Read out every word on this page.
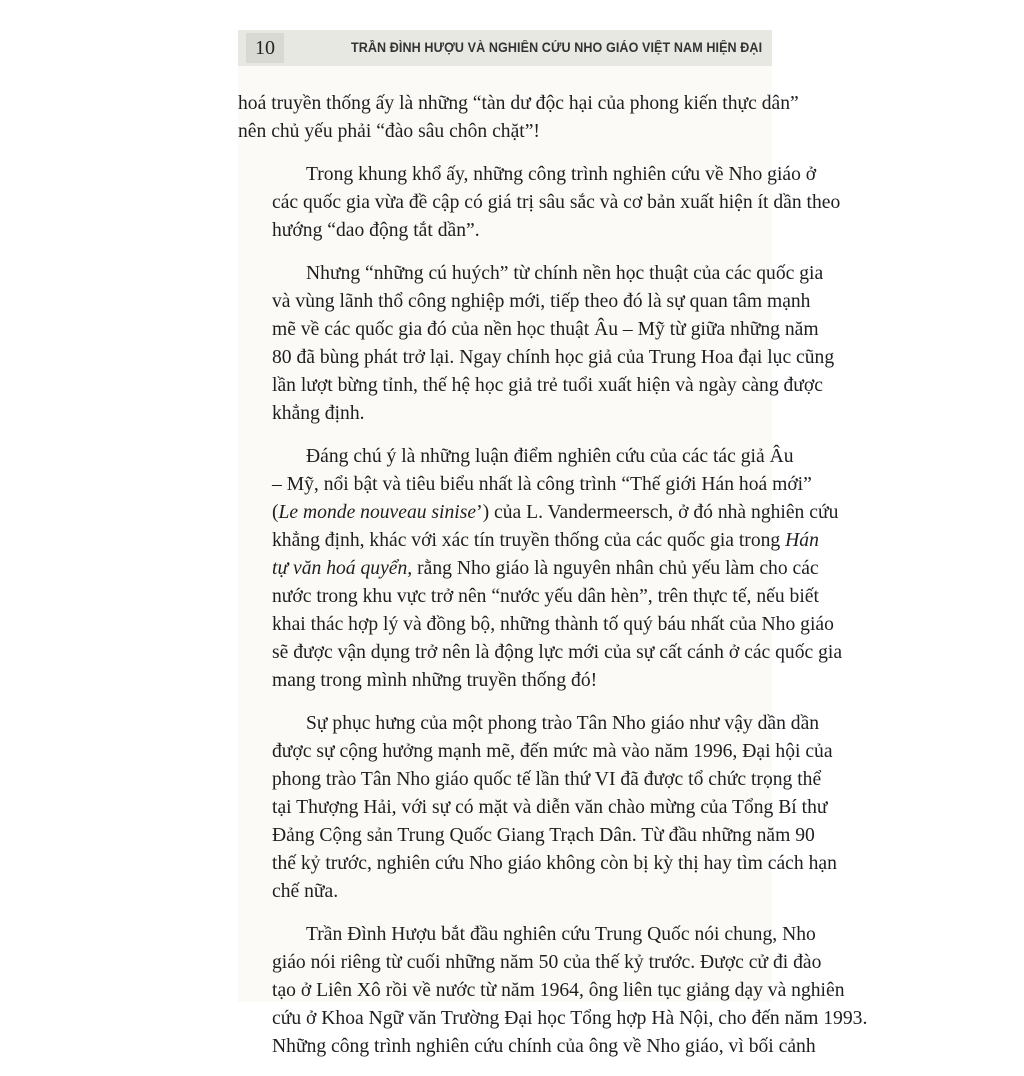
10	TRẦN ĐÌNH HƯỢU VÀ NGHIÊN CỨU NHO GIÁO VIỆT NAM HIỆN ĐẠI

hoá truyền thống ấy là những “tàn dư độc hại của phong kiến thực dân”
nên chủ yếu phải “đào sâu chôn chặt”!

Trong khung khổ ấy, những công trình nghiên cứu về Nho giáo ở
các quốc gia vừa đề cập có giá trị sâu sắc và cơ bản xuất hiện ít dần theo
hướng “dao động tắt dần”.

Nhưng “những cú huých” từ chính nền học thuật của các quốc gia
và vùng lãnh thổ công nghiệp mới, tiếp theo đó là sự quan tâm mạnh
mẽ về các quốc gia đó của nền học thuật Âu – Mỹ từ giữa những năm
80 đã bùng phát trở lại. Ngay chính học giả của Trung Hoa đại lục cũng
lần lượt bừng tỉnh, thế hệ học giả trẻ tuổi xuất hiện và ngày càng được
khẳng định.

Đáng chú ý là những luận điểm nghiên cứu của các tác giả Âu
– Mỹ, nổi bật và tiêu biểu nhất là công trình “Thế giới Hán hoá mới”
(Le monde nouveau sinise’) của L. Vandermeersch, ở đó nhà nghiên cứu
khẳng định, khác với xác tín truyền thống của các quốc gia trong Hán
tự văn hoá quyển, rằng Nho giáo là nguyên nhân chủ yếu làm cho các
nước trong khu vực trở nên “nước yếu dân hèn”, trên thực tế, nếu biết
khai thác hợp lý và đồng bộ, những thành tố quý báu nhất của Nho giáo
sẽ được vận dụng trở nên là động lực mới của sự cất cánh ở các quốc gia
mang trong mình những truyền thống đó!

Sự phục hưng của một phong trào Tân Nho giáo như vậy dần dần
được sự cộng hưởng mạnh mẽ, đến mức mà vào năm 1996, Đại hội của
phong trào Tân Nho giáo quốc tế lần thứ VI đã được tổ chức trọng thể
tại Thượng Hải, với sự có mặt và diễn văn chào mừng của Tổng Bí thư
Đảng Cộng sản Trung Quốc Giang Trạch Dân. Từ đầu những năm 90
thế kỷ trước, nghiên cứu Nho giáo không còn bị kỳ thị hay tìm cách hạn
chế nữa.

Trần Đình Hượu bắt đầu nghiên cứu Trung Quốc nói chung, Nho
giáo nói riêng từ cuối những năm 50 của thế kỷ trước. Được cử đi đào
tạo ở Liên Xô rồi về nước từ năm 1964, ông liên tục giảng dạy và nghiên
cứu ở Khoa Ngữ văn Trường Đại học Tổng hợp Hà Nội, cho đến năm 1993.
Những công trình nghiên cứu chính của ông về Nho giáo, vì bối cảnh
